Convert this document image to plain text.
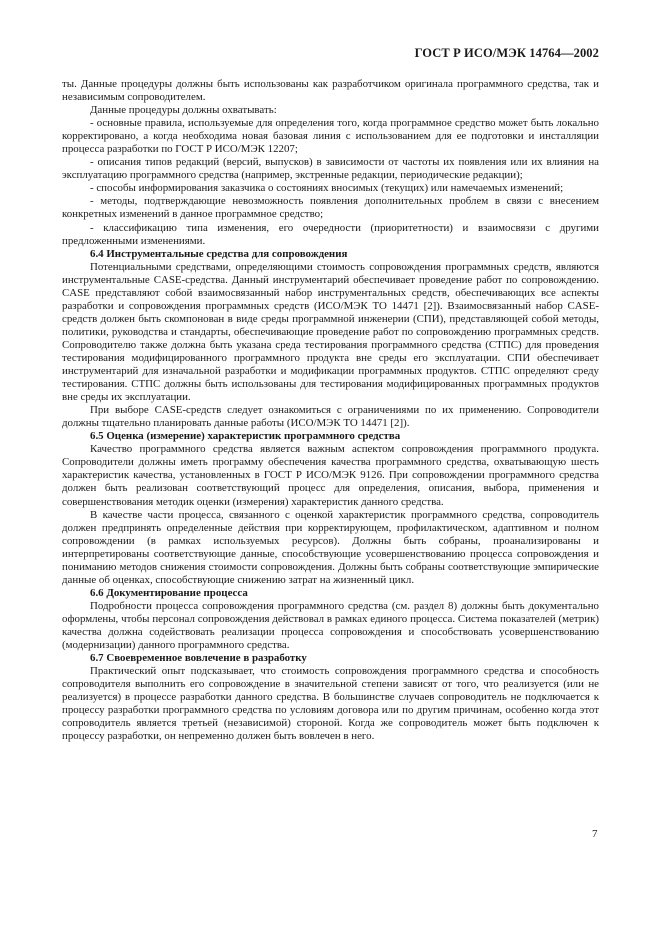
ГОСТ Р ИСО/МЭК 14764—2002

ты. Данные процедуры должны быть использованы как разработчиком оригинала программного средства, так и независимым сопроводителем.

Данные процедуры должны охватывать:

- основные правила, используемые для определения того, когда программное средство может быть локально корректировано, а когда необходима новая базовая линия с использованием для ее подготовки и инсталляции процесса разработки по ГОСТ Р ИСО/МЭК 12207;

- описания типов редакций (версий, выпусков) в зависимости от частоты их появления или их влияния на эксплуатацию программного средства (например, экстренные редакции, периодические редакции);

- способы информирования заказчика о состояниях вносимых (текущих) или намечаемых изменений;

- методы, подтверждающие невозможность появления дополнительных проблем в связи с внесением конкретных изменений в данное программное средство;

- классификацию типа изменения, его очередности (приоритетности) и взаимосвязи с другими предложенными изменениями.

6.4 Инструментальные средства для сопровождения

Потенциальными средствами, определяющими стоимость сопровождения программных средств, являются инструментальные CASE-средства. Данный инструментарий обеспечивает проведение работ по сопровождению. CASE представляют собой взаимосвязанный набор инструментальных средств, обеспечивающих все аспекты разработки и сопровождения программных средств (ИСО/МЭК ТО 14471 [2]). Взаимосвязанный набор CASE-средств должен быть скомпонован в виде среды программной инженерии (СПИ), представляющей собой методы, политики, руководства и стандарты, обеспечивающие проведение работ по сопровождению программных средств. Сопроводителю также должна быть указана среда тестирования программного средства (СТПС) для проведения тестирования модифицированного программного продукта вне среды его эксплуатации. СПИ обеспечивает инструментарий для изначальной разработки и модификации программных продуктов. СТПС определяют среду тестирования. СТПС должны быть использованы для тестирования модифицированных программных продуктов вне среды их эксплуатации.

При выборе CASE-средств следует ознакомиться с ограничениями по их применению. Сопроводители должны тщательно планировать данные работы (ИСО/МЭК ТО 14471 [2]).

6.5 Оценка (измерение) характеристик программного средства

Качество программного средства является важным аспектом сопровождения программного продукта. Сопроводители должны иметь программу обеспечения качества программного средства, охватывающую шесть характеристик качества, установленных в ГОСТ Р ИСО/МЭК 9126. При сопровождении программного средства должен быть реализован соответствующий процесс для определения, описания, выбора, применения и совершенствования методик оценки (измерения) характеристик данного средства.

В качестве части процесса, связанного с оценкой характеристик программного средства, сопроводитель должен предпринять определенные действия при корректирующем, профилактическом, адаптивном и полном сопровождении (в рамках используемых ресурсов). Должны быть собраны, проанализированы и интерпретированы соответствующие данные, способствующие усовершенствованию процесса сопровождения и пониманию методов снижения стоимости сопровождения. Должны быть собраны соответствующие эмпирические данные об оценках, способствующие снижению затрат на жизненный цикл.

6.6 Документирование процесса

Подробности процесса сопровождения программного средства (см. раздел 8) должны быть документально оформлены, чтобы персонал сопровождения действовал в рамках единого процесса. Система показателей (метрик) качества должна содействовать реализации процесса сопровождения и способствовать усовершенствованию (модернизации) данного программного средства.

6.7 Своевременное вовлечение в разработку

Практический опыт подсказывает, что стоимость сопровождения программного средства и способность сопроводителя выполнить его сопровождение в значительной степени зависят от того, что реализуется (или не реализуется) в процессе разработки данного средства. В большинстве случаев сопроводитель не подключается к процессу разработки программного средства по условиям договора или по другим причинам, особенно когда этот сопроводитель является третьей (независимой) стороной. Когда же сопроводитель может быть подключен к процессу разработки, он непременно должен быть вовлечен в него.

7
